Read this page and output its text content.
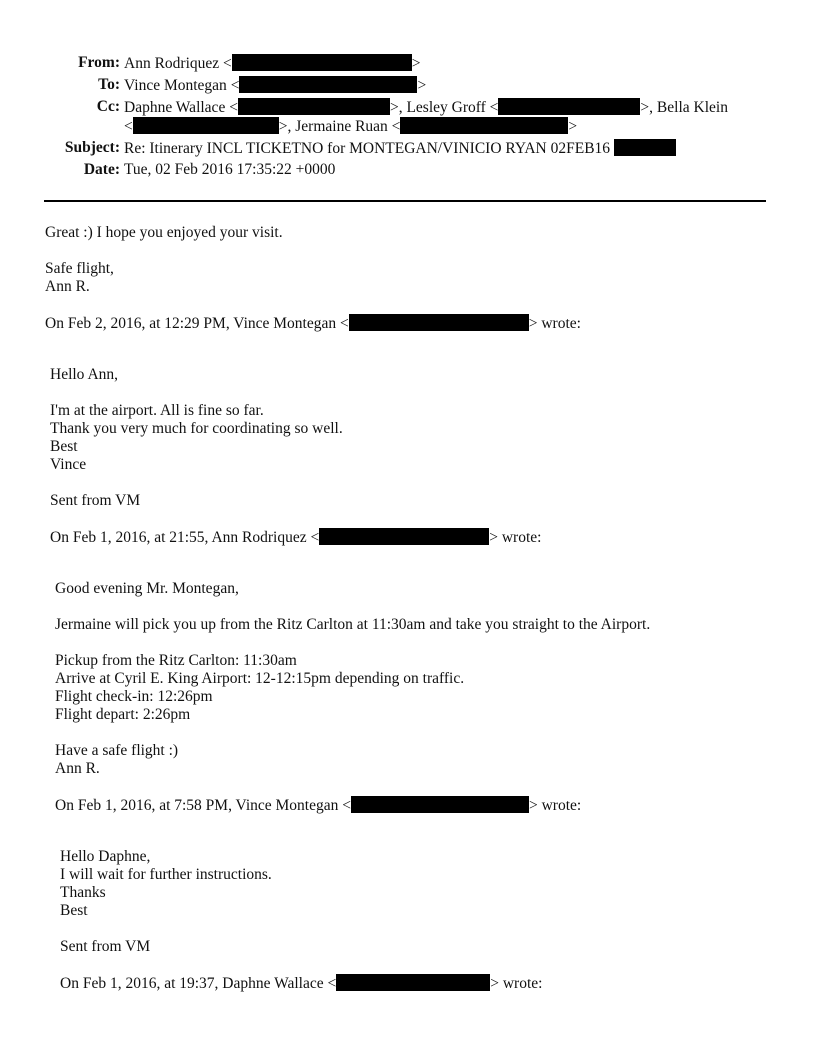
From: Ann Rodriquez <	>
To: Vince Montegan <	>
Cc: Daphne Wallace <	>, Lesley Groff <	>, Bella Klein
<	>, Jermaine Ruan <	>
Subject: Re: Itinerary INCL TICKETNO for MONTEGAN/VINICIO RYAN 02FEB16
Date: Tue, 02 Feb 2016 17:35:22 +0000
Great :) I hope you enjoyed your visit.
Safe flight,
Ann R.
On Feb 2, 2016, at 12:29 PM, Vince Montegan <	> wrote:
Hello Ann,
I'm at the airport. All is fine so far.
Thank you very much for coordinating so well.
Best
Vince
Sent from VM
On Feb 1, 2016, at 21:55, Ann Rodriquez <	> wrote:
Good evening Mr. Montegan,
Jermaine will pick you up from the Ritz Carlton at 11:30am and take you straight to the Airport.
Pickup from the Ritz Carlton: 11:30am
Arrive at Cyril E. King Airport: 12-12:15pm depending on traffic.
Flight check-in: 12:26pm
Flight depart: 2:26pm
Have a safe flight :)
Ann R.
On Feb 1, 2016, at 7:58 PM, Vince Montegan <	> wrote:
Hello Daphne,
I will wait for further instructions.
Thanks
Best
Sent from VM
On Feb 1, 2016, at 19:37, Daphne Wallace <	> wrote:
